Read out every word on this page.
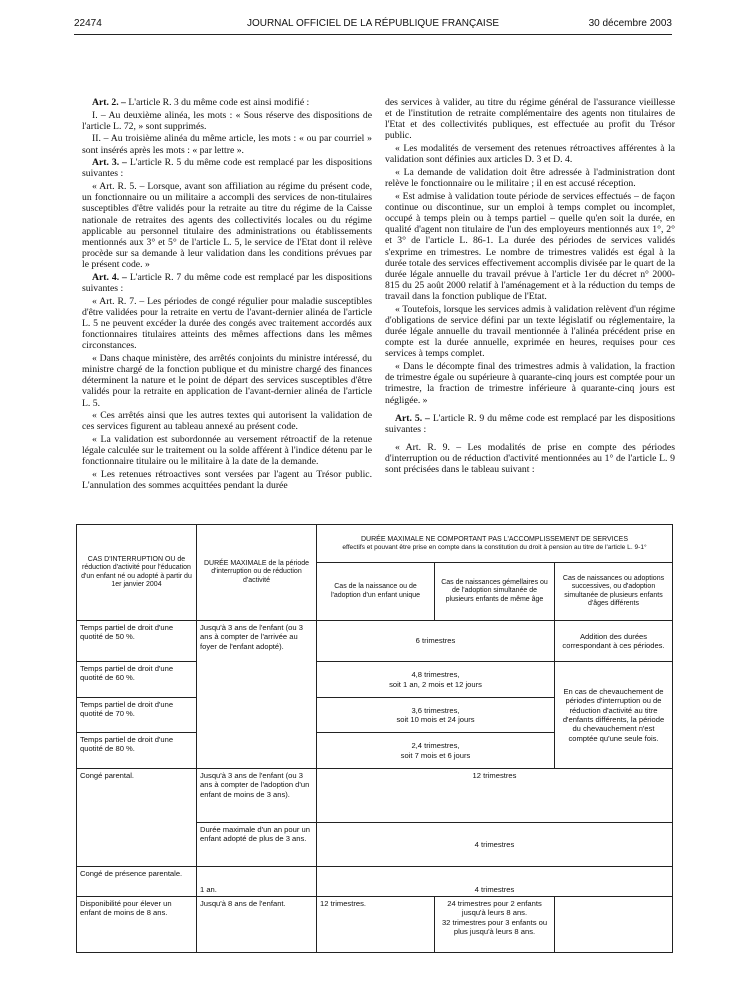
22474	JOURNAL OFFICIEL DE LA RÉPUBLIQUE FRANÇAISE	30 décembre 2003

Art. 2. – L'article R. 3 du même code est ainsi modifié :

I. – Au deuxième alinéa, les mots : « Sous réserve des dispositions de l'article L. 72, » sont supprimés.

II. – Au troisième alinéa du même article, les mots : « ou par courriel » sont insérés après les mots : « par lettre ».

Art. 3. – L'article R. 5 du même code est remplacé par les dispositions suivantes :

« Art. R. 5. – Lorsque, avant son affiliation au régime du présent code, un fonctionnaire ou un militaire a accompli des services de non-titulaires susceptibles d'être validés pour la retraite au titre du régime de la Caisse nationale de retraites des agents des collectivités locales ou du régime applicable au personnel titulaire des administrations ou établissements mentionnés aux 3° et 5° de l'article L. 5, le service de l'Etat dont il relève procède sur sa demande à leur validation dans les conditions prévues par le présent code. »

Art. 4. – L'article R. 7 du même code est remplacé par les dispositions suivantes :

« Art. R. 7. – Les périodes de congé régulier pour maladie susceptibles d'être validées pour la retraite en vertu de l'avant-dernier alinéa de l'article L. 5 ne peuvent excéder la durée des congés avec traitement accordés aux fonctionnaires titulaires atteints des mêmes affections dans les mêmes circonstances.

« Dans chaque ministère, des arrêtés conjoints du ministre intéressé, du ministre chargé de la fonction publique et du ministre chargé des finances déterminent la nature et le point de départ des services susceptibles d'être validés pour la retraite en application de l'avant-dernier alinéa de l'article L. 5.

« Ces arrêtés ainsi que les autres textes qui autorisent la validation de ces services figurent au tableau annexé au présent code.

« La validation est subordonnée au versement rétroactif de la retenue légale calculée sur le traitement ou la solde afférent à l'indice détenu par le fonctionnaire titulaire ou le militaire à la date de la demande.

« Les retenues rétroactives sont versées par l'agent au Trésor public. L'annulation des sommes acquittées pendant la durée

des services à valider, au titre du régime général de l'assurance vieillesse et de l'institution de retraite complémentaire des agents non titulaires de l'Etat et des collectivités publiques, est effectuée au profit du Trésor public.

« Les modalités de versement des retenues rétroactives afférentes à la validation sont définies aux articles D. 3 et D. 4.

« La demande de validation doit être adressée à l'administration dont relève le fonctionnaire ou le militaire ; il en est accusé réception.

« Est admise à validation toute période de services effectués – de façon continue ou discontinue, sur un emploi à temps complet ou incomplet, occupé à temps plein ou à temps partiel – quelle qu'en soit la durée, en qualité d'agent non titulaire de l'un des employeurs mentionnés aux 1°, 2° et 3° de l'article L. 86-1. La durée des périodes de services validés s'exprime en trimestres. Le nombre de trimestres validés est égal à la durée totale des services effectivement accomplis divisée par le quart de la durée légale annuelle du travail prévue à l'article 1er du décret n° 2000-815 du 25 août 2000 relatif à l'aménagement et à la réduction du temps de travail dans la fonction publique de l'Etat.

« Toutefois, lorsque les services admis à validation relèvent d'un régime d'obligations de service défini par un texte législatif ou réglementaire, la durée légale annuelle du travail mentionnée à l'alinéa précédent prise en compte est la durée annuelle, exprimée en heures, requises pour ces services à temps complet.

« Dans le décompte final des trimestres admis à validation, la fraction de trimestre égale ou supérieure à quarante-cinq jours est comptée pour un trimestre, la fraction de trimestre inférieure à quarante-cinq jours est négligée. »

Art. 5. – L'article R. 9 du même code est remplacé par les dispositions suivantes :

« Art. R. 9. – Les modalités de prise en compte des périodes d'interruption ou de réduction d'activité mentionnées au 1° de l'article L. 9 sont précisées dans le tableau suivant :

CAS D'INTERRUPTION OU de réduction d'activité pour l'éducation d'un enfant né ou adopté à partir du 1er janvier 2004	DURÉE MAXIMALE de la période d'interruption ou de réduction d'activité	DURÉE MAXIMALE NE COMPORTANT PAS L'ACCOMPLISSEMENT DE SERVICES
effectifs et pouvant être prise en compte dans la constitution du droit à pension au titre de l'article L. 9-1°		

		Cas de la naissance ou de l'adoption d'un enfant unique	Cas de naissances gémellaires ou de l'adoption simultanée de plusieurs enfants de même âge	Cas de naissances ou adoptions successives, ou d'adoption simultanée de plusieurs enfants d'âges différents
Temps partiel de droit d'une quotité de 50 %.	Jusqu'à 3 ans de l'enfant (ou 3 ans à compter de l'arrivée au foyer de l'enfant adopté).	6 trimestres		Addition des durées correspondant à ces périodes.
Temps partiel de droit d'une quotité de 60 %.		4,8 trimestres,
soit 1 an, 2 mois et 12 jours		En cas de chevauchement de périodes d'interruption ou de réduction d'activité au titre d'enfants différents, la période du chevauchement n'est comptée qu'une seule fois.
Temps partiel de droit d'une quotité de 70 %.		3,6 trimestres,
soit 10 mois et 24 jours		

Temps partiel de droit d'une quotité de 80 %.		2,4 trimestres,
soit 7 mois et 6 jours		

Congé parental.	Jusqu'à 3 ans de l'enfant (ou 3 ans à compter de l'adoption d'un enfant de moins de 3 ans).	12 trimestres		
	Durée maximale d'un an pour un enfant adopté de plus de 3 ans.	4 trimestres		
Congé de présence parentale.	1 an.	4 trimestres		
Disponibilité pour élever un enfant de moins de 8 ans.	Jusqu'à 8 ans de l'enfant.	12 trimestres.	24 trimestres pour 2 enfants jusqu'à leurs 8 ans.
32 trimestres pour 3 enfants ou plus jusqu'à leurs 8 ans.	
